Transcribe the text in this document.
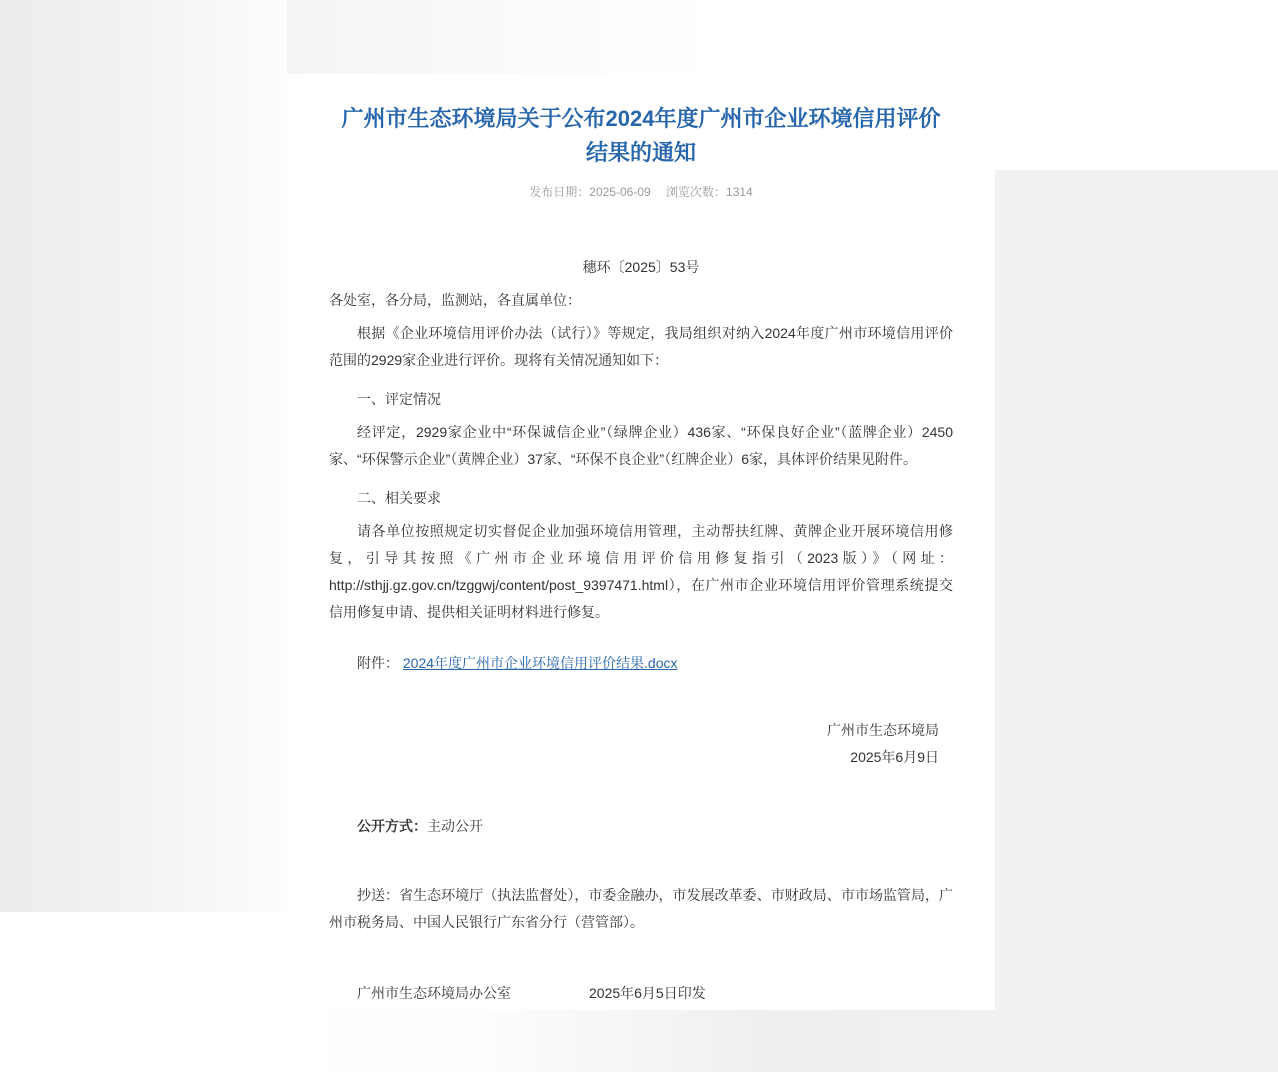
广州市生态环境局关于公布2024年度广州市企业环境信用评价结果的通知
发布日期：2025-06-09 浏览次数：1314
穗环〔2025〕53号

各处室，各分局，监测站，各直属单位：

根据《企业环境信用评价办法（试行）》等规定，我局组织对纳入2024年度广州市环境信用评价范围的2929家企业进行评价。现将有关情况通知如下：

一、评定情况

经评定，2929家企业中“环保诚信企业”（绿牌企业）436家、“环保良好企业”（蓝牌企业）2450家、“环保警示企业”（黄牌企业）37家、“环保不良企业”（红牌企业）6家，具体评价结果见附件。

二、相关要求

请各单位按照规定切实督促企业加强环境信用管理，主动帮扶红牌、黄牌企业开展环境信用修复，引导其按照《广州市企业环境信用评价信用修复指引（2023版）》（网址：http://sthjj.gz.gov.cn/tzggwj/content/post_9397471.html），在广州市企业环境信用评价管理系统提交信用修复申请、提供相关证明材料进行修复。

附件： 2024年度广州市企业环境信用评价结果.docx

广州市生态环境局
2025年6月9日

公开方式：主动公开

抄送：省生态环境厅（执法监督处），市委金融办，市发展改革委、市财政局、市市场监管局，广州市税务局、中国人民银行广东省分行（营管部）。

广州市生态环境局办公室	2025年6月5日印发
